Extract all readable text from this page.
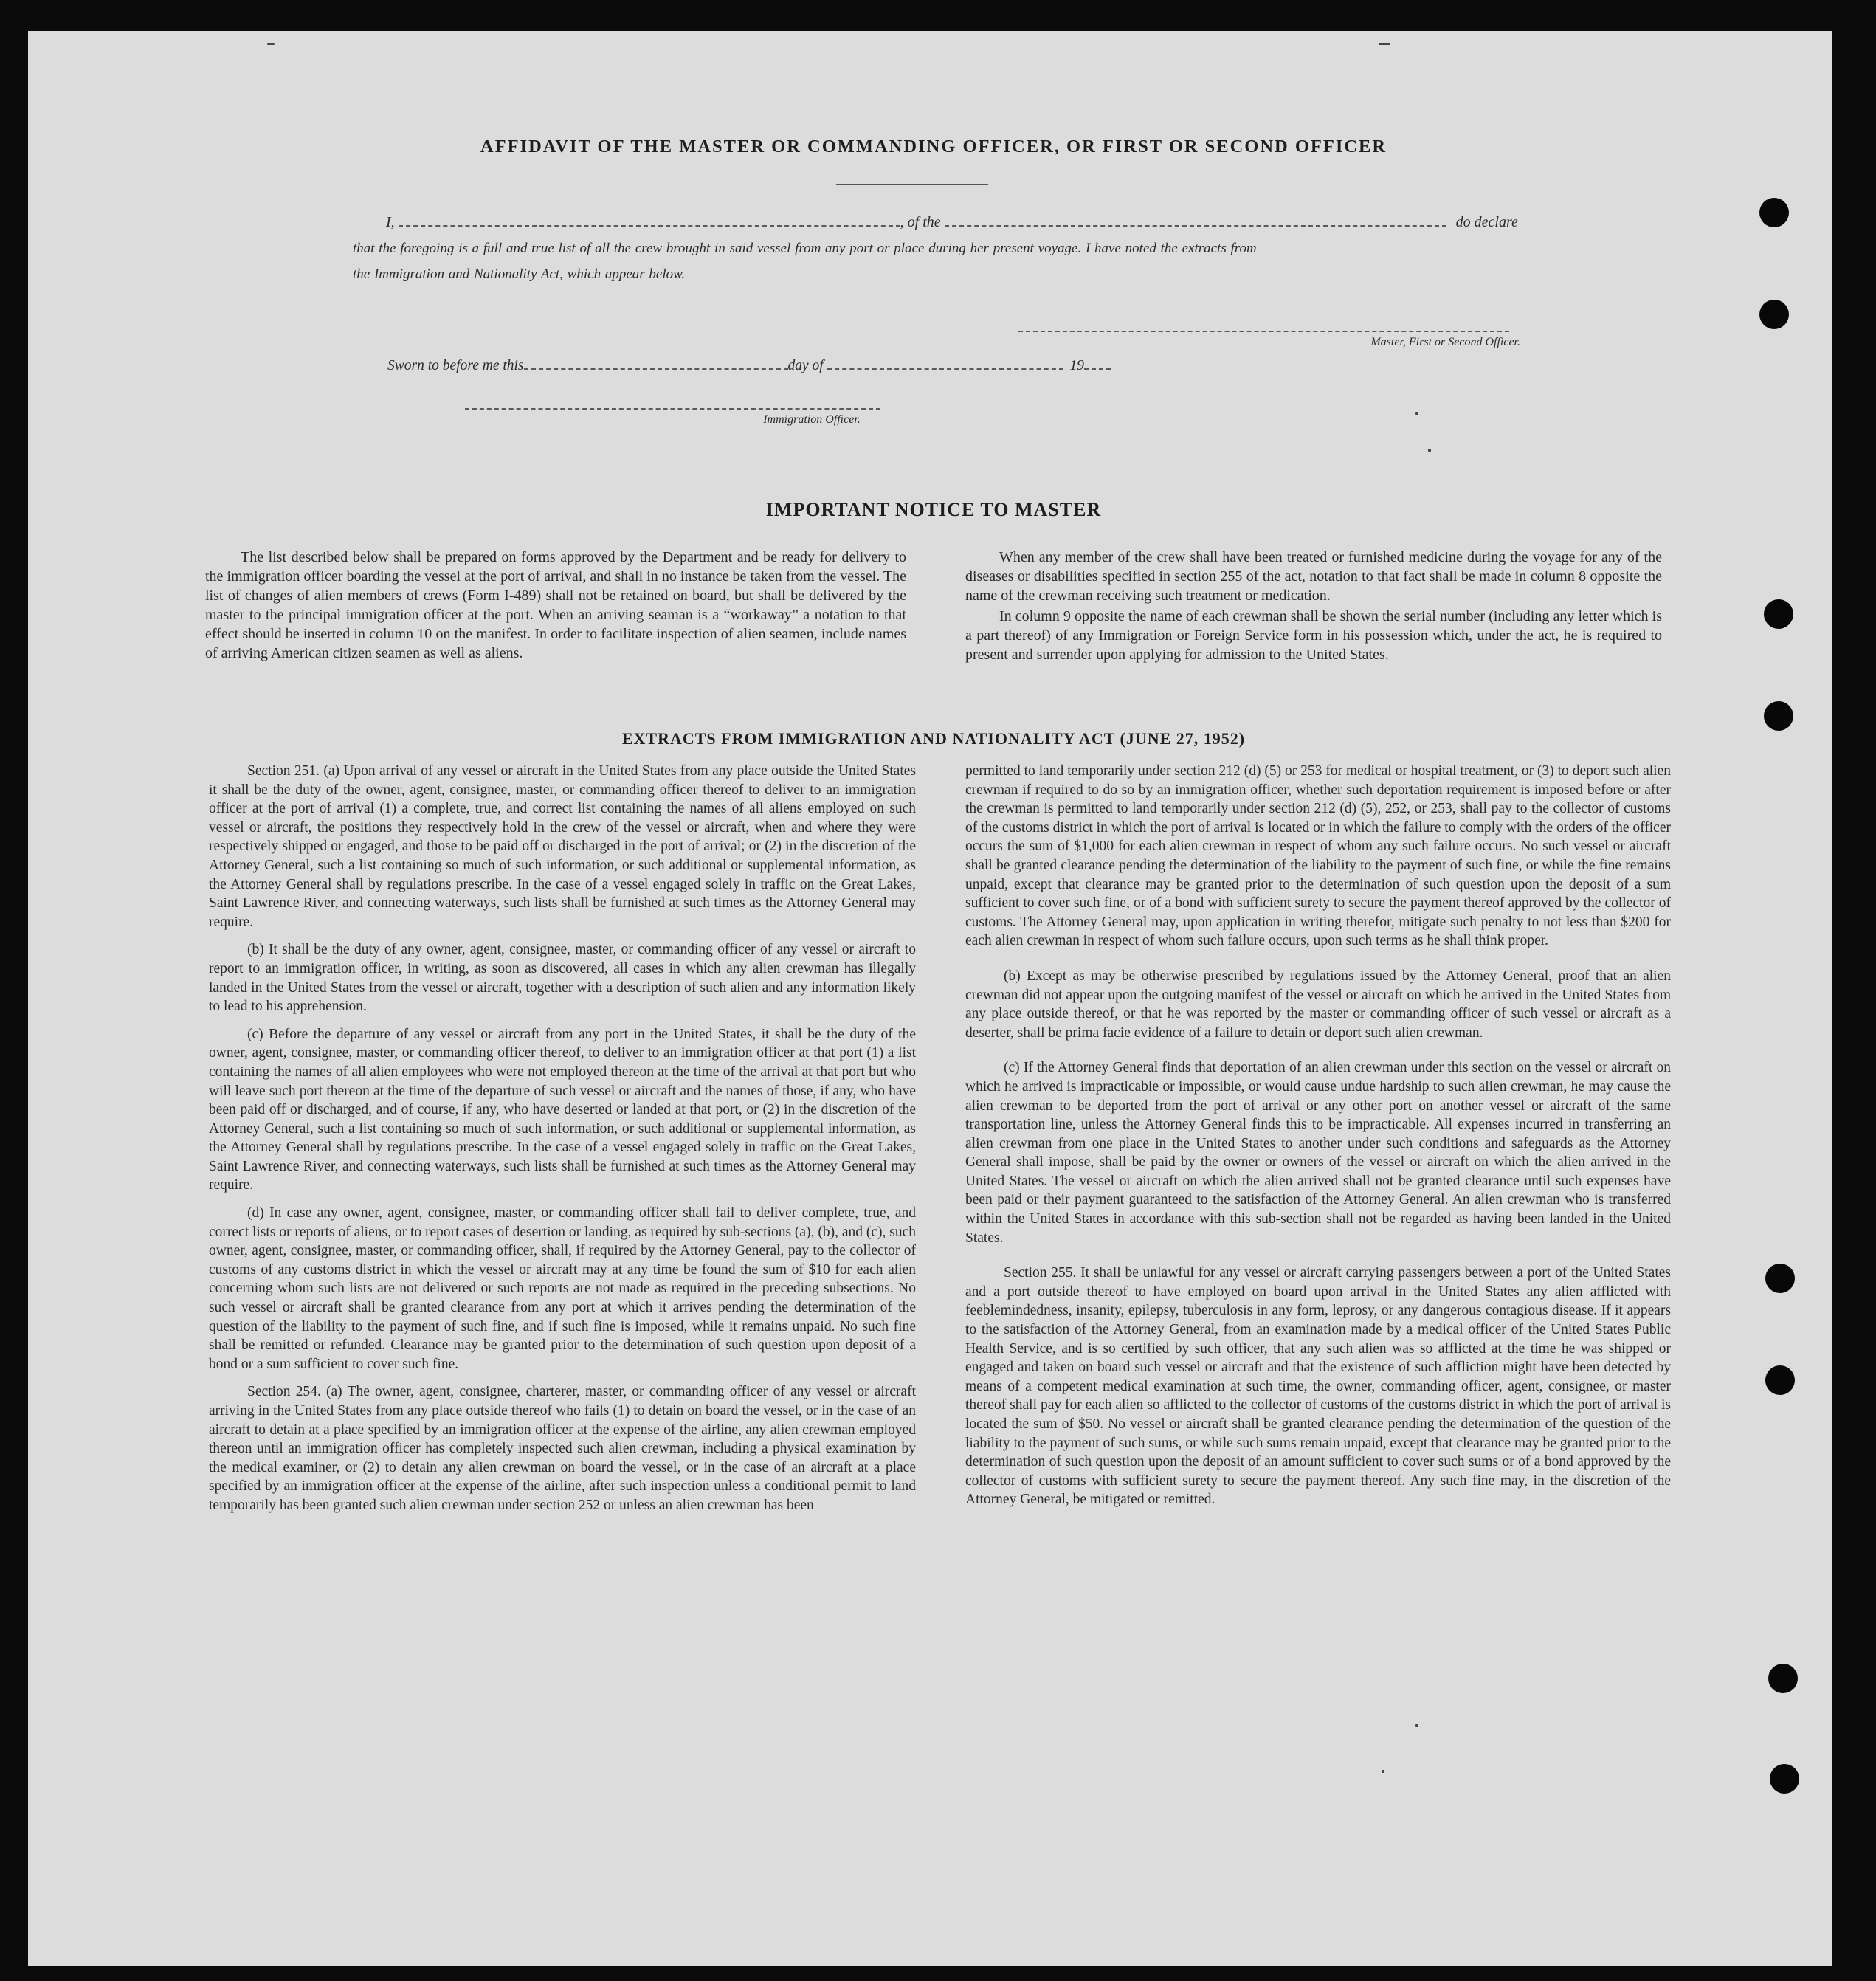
AFFIDAVIT OF THE MASTER OR COMMANDING OFFICER, OR FIRST OR SECOND OFFICER
I,	, of the	do declare
that the foregoing is a full and true list of all the crew brought in said vessel from any port or place during her present voyage. I have noted the extracts from
the Immigration and Nationality Act, which appear below.
Master, First or Second Officer.
Sworn to before me this	day of	19
Immigration Officer.
IMPORTANT NOTICE TO MASTER

The list described below shall be prepared on forms approved by the Department and be ready for delivery to the immigration officer boarding the vessel at the port of arrival, and shall in no instance be taken from the vessel. The list of changes of alien members of crews (Form I-489) shall not be retained on board, but shall be delivered by the master to the principal immigration officer at the port. When an arriving seaman is a “workaway” a notation to that effect should be inserted in column 10 on the manifest. In order to facilitate inspection of alien seamen, include names of arriving American citizen seamen as well as aliens.

When any member of the crew shall have been treated or furnished medicine during the voyage for any of the diseases or disabilities specified in section 255 of the act, notation to that fact shall be made in column 8 opposite the name of the crewman receiving such treatment or medication.

In column 9 opposite the name of each crewman shall be shown the serial number (including any letter which is a part thereof) of any Immigration or Foreign Service form in his possession which, under the act, he is required to present and surrender upon applying for admission to the United States.

EXTRACTS FROM IMMIGRATION AND NATIONALITY ACT (JUNE 27, 1952)

Section 251. (a) Upon arrival of any vessel or aircraft in the United States from any place outside the United States it shall be the duty of the owner, agent, consignee, master, or commanding officer thereof to deliver to an immigration officer at the port of arrival (1) a complete, true, and correct list containing the names of all aliens employed on such vessel or aircraft, the positions they respectively hold in the crew of the vessel or aircraft, when and where they were respectively shipped or engaged, and those to be paid off or discharged in the port of arrival; or (2) in the discretion of the Attorney General, such a list containing so much of such information, or such additional or supplemental information, as the Attorney General shall by regulations prescribe. In the case of a vessel engaged solely in traffic on the Great Lakes, Saint Lawrence River, and connecting waterways, such lists shall be furnished at such times as the Attorney General may require.

(b) It shall be the duty of any owner, agent, consignee, master, or commanding officer of any vessel or aircraft to report to an immigration officer, in writing, as soon as discovered, all cases in which any alien crewman has illegally landed in the United States from the vessel or aircraft, together with a description of such alien and any information likely to lead to his apprehension.

(c) Before the departure of any vessel or aircraft from any port in the United States, it shall be the duty of the owner, agent, consignee, master, or commanding officer thereof, to deliver to an immigration officer at that port (1) a list containing the names of all alien employees who were not employed thereon at the time of the arrival at that port but who will leave such port thereon at the time of the departure of such vessel or aircraft and the names of those, if any, who have been paid off or discharged, and of course, if any, who have deserted or landed at that port, or (2) in the discretion of the Attorney General, such a list containing so much of such information, or such additional or supplemental information, as the Attorney General shall by regulations prescribe. In the case of a vessel engaged solely in traffic on the Great Lakes, Saint Lawrence River, and connecting waterways, such lists shall be furnished at such times as the Attorney General may require.

(d) In case any owner, agent, consignee, master, or commanding officer shall fail to deliver complete, true, and correct lists or reports of aliens, or to report cases of desertion or landing, as required by sub-sections (a), (b), and (c), such owner, agent, consignee, master, or commanding officer, shall, if required by the Attorney General, pay to the collector of customs of any customs district in which the vessel or aircraft may at any time be found the sum of $10 for each alien concerning whom such lists are not delivered or such reports are not made as required in the preceding subsections. No such vessel or aircraft shall be granted clearance from any port at which it arrives pending the determination of the question of the liability to the payment of such fine, and if such fine is imposed, while it remains unpaid. No such fine shall be remitted or refunded. Clearance may be granted prior to the determination of such question upon deposit of a bond or a sum sufficient to cover such fine.

Section 254. (a) The owner, agent, consignee, charterer, master, or commanding officer of any vessel or aircraft arriving in the United States from any place outside thereof who fails (1) to detain on board the vessel, or in the case of an aircraft to detain at a place specified by an immigration officer at the expense of the airline, any alien crewman employed thereon until an immigration officer has completely inspected such alien crewman, including a physical examination by the medical examiner, or (2) to detain any alien crewman on board the vessel, or in the case of an aircraft at a place specified by an immigration officer at the expense of the airline, after such inspection unless a conditional permit to land temporarily has been granted such alien crewman under section 252 or unless an alien crewman has been

permitted to land temporarily under section 212 (d) (5) or 253 for medical or hospital treatment, or (3) to deport such alien crewman if required to do so by an immigration officer, whether such deportation requirement is imposed before or after the crewman is permitted to land temporarily under section 212 (d) (5), 252, or 253, shall pay to the collector of customs of the customs district in which the port of arrival is located or in which the failure to comply with the orders of the officer occurs the sum of $1,000 for each alien crewman in respect of whom any such failure occurs. No such vessel or aircraft shall be granted clearance pending the determination of the liability to the payment of such fine, or while the fine remains unpaid, except that clearance may be granted prior to the determination of such question upon the deposit of a sum sufficient to cover such fine, or of a bond with sufficient surety to secure the payment thereof approved by the collector of customs. The Attorney General may, upon application in writing therefor, mitigate such penalty to not less than $200 for each alien crewman in respect of whom such failure occurs, upon such terms as he shall think proper.

(b) Except as may be otherwise prescribed by regulations issued by the Attorney General, proof that an alien crewman did not appear upon the outgoing manifest of the vessel or aircraft on which he arrived in the United States from any place outside thereof, or that he was reported by the master or commanding officer of such vessel or aircraft as a deserter, shall be prima facie evidence of a failure to detain or deport such alien crewman.

(c) If the Attorney General finds that deportation of an alien crewman under this section on the vessel or aircraft on which he arrived is impracticable or impossible, or would cause undue hardship to such alien crewman, he may cause the alien crewman to be deported from the port of arrival or any other port on another vessel or aircraft of the same transportation line, unless the Attorney General finds this to be impracticable. All expenses incurred in transferring an alien crewman from one place in the United States to another under such conditions and safeguards as the Attorney General shall impose, shall be paid by the owner or owners of the vessel or aircraft on which the alien arrived in the United States. The vessel or aircraft on which the alien arrived shall not be granted clearance until such expenses have been paid or their payment guaranteed to the satisfaction of the Attorney General. An alien crewman who is transferred within the United States in accordance with this sub-section shall not be regarded as having been landed in the United States.

Section 255. It shall be unlawful for any vessel or aircraft carrying passengers between a port of the United States and a port outside thereof to have employed on board upon arrival in the United States any alien afflicted with feeblemindedness, insanity, epilepsy, tuberculosis in any form, leprosy, or any dangerous contagious disease. If it appears to the satisfaction of the Attorney General, from an examination made by a medical officer of the United States Public Health Service, and is so certified by such officer, that any such alien was so afflicted at the time he was shipped or engaged and taken on board such vessel or aircraft and that the existence of such affliction might have been detected by means of a competent medical examination at such time, the owner, commanding officer, agent, consignee, or master thereof shall pay for each alien so afflicted to the collector of customs of the customs district in which the port of arrival is located the sum of $50. No vessel or aircraft shall be granted clearance pending the determination of the question of the liability to the payment of such sums, or while such sums remain unpaid, except that clearance may be granted prior to the determination of such question upon the deposit of an amount sufficient to cover such sums or of a bond approved by the collector of customs with sufficient surety to secure the payment thereof. Any such fine may, in the discretion of the Attorney General, be mitigated or remitted.
